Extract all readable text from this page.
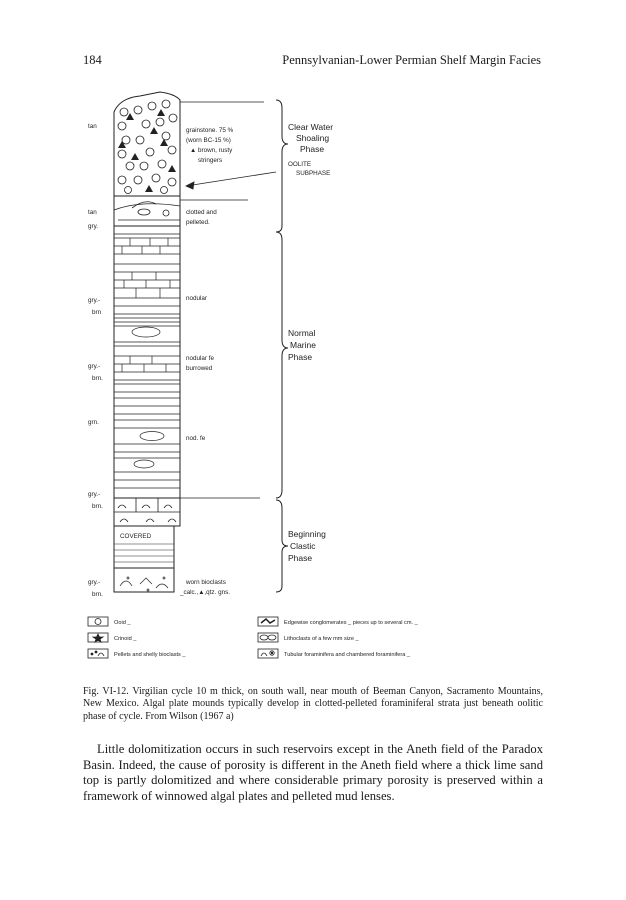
184	Pennsylvanian-Lower Permian Shelf Margin Facies
tan
tan
gry.
gry.-
brn
gry.-
brn.
grn.
gry.-
brn.
gry.-
brn.
grainstone. 75 %
(worn BC-15 %)
▲ brown, rusty
stringers
clotted and
pelleted.
nodular
nodular fe
burrowed
nod. fe
COVERED
worn bioclasts
_calc.,▲,qtz. gns.
Clear Water
Shoaling
Phase
OOLITE
SUBPHASE
Normal
Marine
Phase
Beginning
Clastic
Phase
Ooid _
Crinoid _
Pellets and shelly bioclasts _
Edgewise conglomerates _ pieces up to several cm. _
Lithoclasts of a few mm size _
Tubular foraminifera and chambered foraminifera _
Fig. VI-12. Virgilian cycle 10 m thick, on south wall, near mouth of Beeman Canyon, Sacramento Mountains, New Mexico. Algal plate mounds typically develop in clotted-pelleted foraminiferal strata just beneath oolitic phase of cycle. From Wilson (1967 a)
Little dolomitization occurs in such reservoirs except in the Aneth field of the Paradox Basin. Indeed, the cause of porosity is different in the Aneth field where a thick lime sand top is partly dolomitized and where considerable primary porosity is preserved within a framework of winnowed algal plates and pelleted mud lenses.
